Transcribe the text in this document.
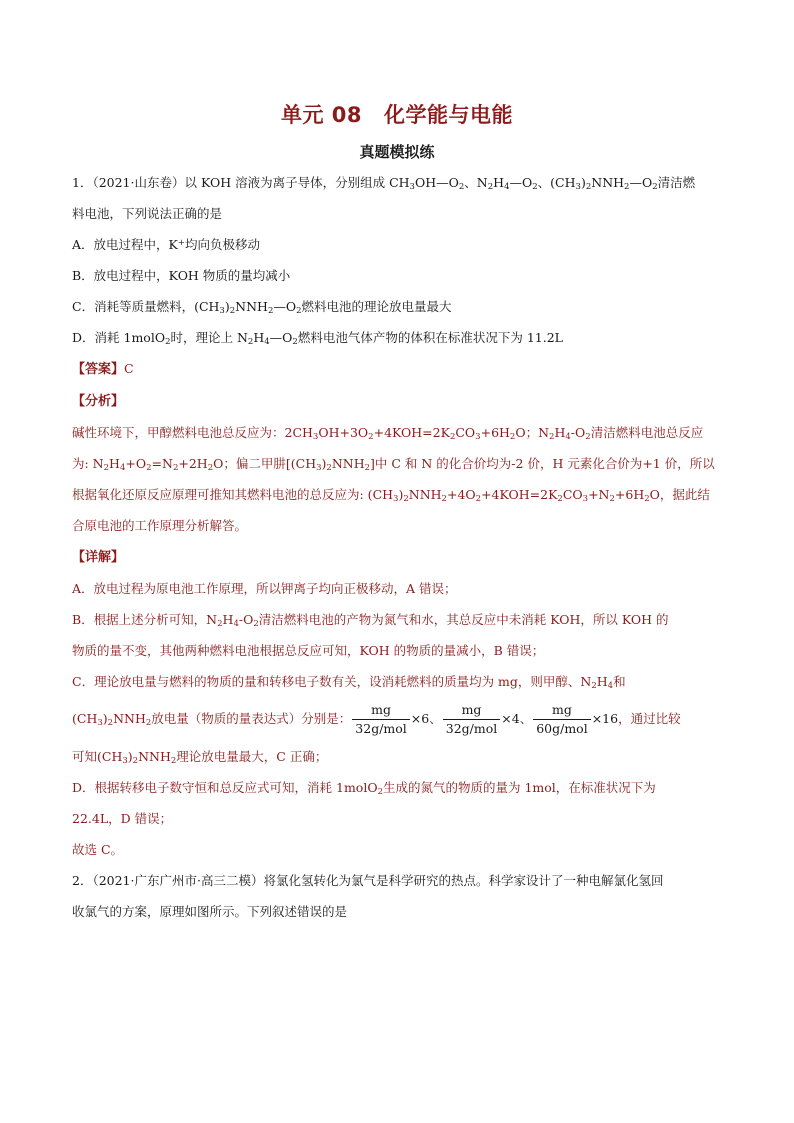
单元 08 化学能与电能
真题模拟练

1．（2021·山东卷）以 KOH 溶液为离子导体，分别组成 $CH_3OH—O_2$、$N_2H_4—O_2$、$(CH_3)_2NNH_2—O_2$清洁燃

料电池，下列说法正确的是

A．放电过程中，K+均向负极移动

B．放电过程中，KOH 物质的量均减小

C．消耗等质量燃料，$(CH_3)_2NNH_2—O_2$燃料电池的理论放电量最大

D．消耗 1molO$_2$时，理论上 $N_2H_4—O_2$燃料电池气体产物的体积在标准状况下为 11.2L

【答案】C

【分析】

碱性环境下，甲醇燃料电池总反应为：$2CH_3OH+3O_2+4KOH=2K_2CO_3+6H_2O$；$N_2H_4-O_2$清洁燃料电池总反应

为: $N_2H_4+O_2=N_2+2H_2O$；偏二甲肼$[(CH_3)_2NNH_2]$中 C 和 N 的化合价均为-2 价，H 元素化合价为+1 价，所以

根据氧化还原反应原理可推知其燃料电池的总反应为: $(CH_3)_2NNH_2+4O_2+4KOH=2K_2CO_3+N_2+6H_2O$，据此结

合原电池的工作原理分析解答。

【详解】

A．放电过程为原电池工作原理，所以钾离子均向正极移动，A 错误；

B．根据上述分析可知，$N_2H_4-O_2$清洁燃料电池的产物为氮气和水，其总反应中未消耗 KOH，所以 KOH 的

物质的量不变，其他两种燃料电池根据总反应可知，KOH 的物质的量减小，B 错误；

C．理论放电量与燃料的物质的量和转移电子数有关，设消耗燃料的质量均为 mg，则甲醇、$N_2H_4$和

$(CH_3)_2NNH_2$放电量（物质的量表达式）分别是： $\frac{mg}{\text{32g/mol}} \times 6$、 $\frac{mg}{\text{32g/mol}} \times 4$、 $\frac{mg}{\text{60g/mol}} \times 16$，通过比较

可知$(CH_3)_2NNH_2$理论放电量最大，C 正确；

D．根据转移电子数守恒和总反应式可知，消耗 1molO$_2$生成的氮气的物质的量为 1mol，在标准状况下为

22.4L，D 错误；

故选 C。

2．（2021·广东广州市·高三二模）将氯化氢转化为氯气是科学研究的热点。科学家设计了一种电解氯化氢回

收氯气的方案，原理如图所示。下列叙述错误的是
